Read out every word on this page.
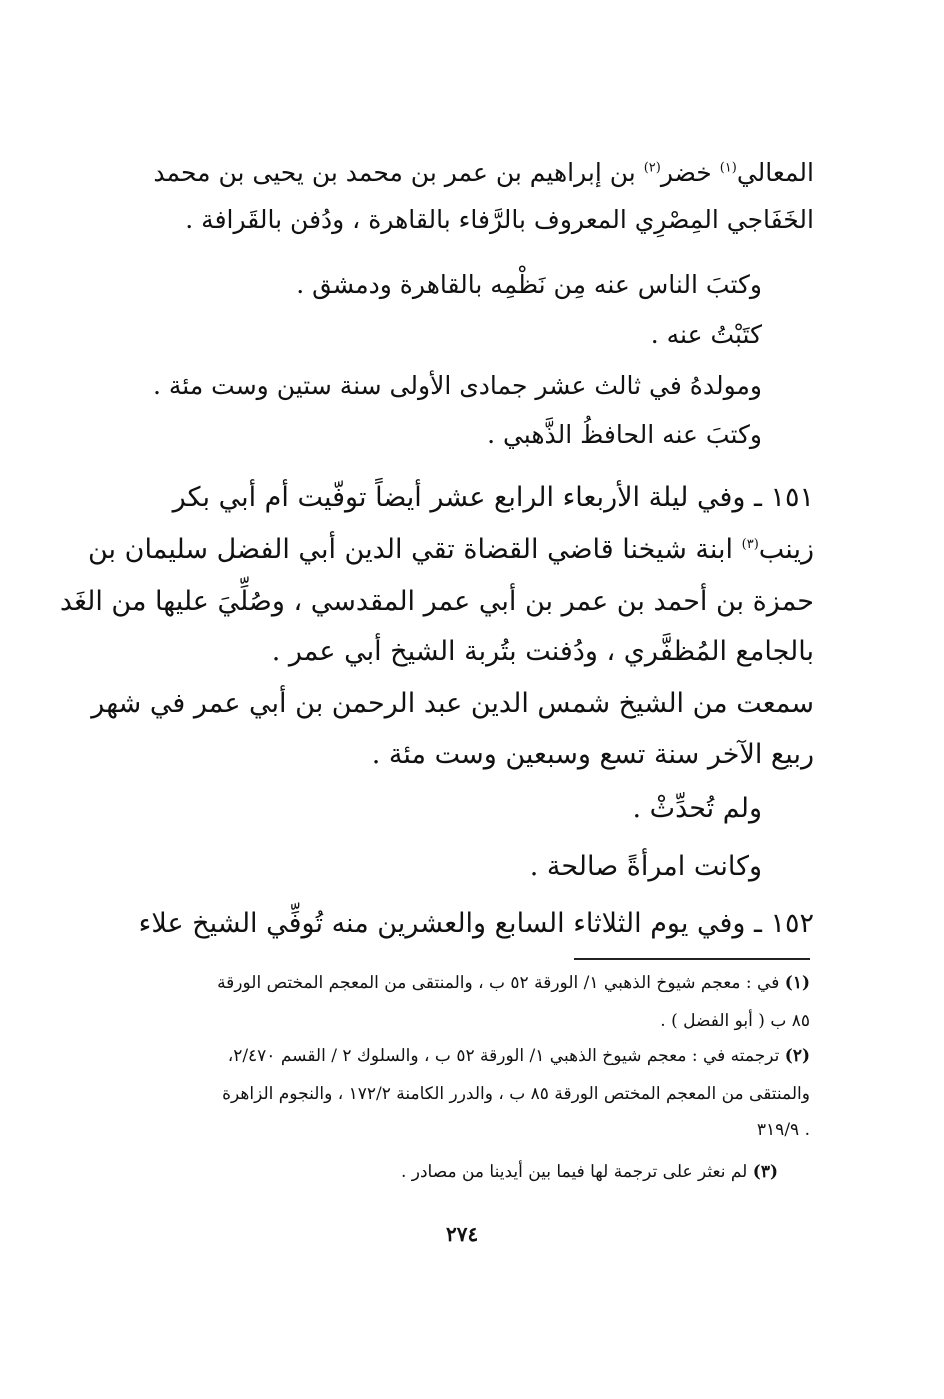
المعالي$^{(١)}$ خضر$^{(٢)}$ بن إبراهيم بن عمر بن محمد بن يحيى بن محمد

الخَفَاجي المِصْرِي المعروف بالرَّفاء بالقاهرة ، ودُفن بالقَرافة .

وكتبَ الناس عنه مِن نَظْمِه بالقاهرة ودمشق .

كتَبْتُ عنه .

ومولدهُ في ثالث عشر جمادى الأولى سنة ستين وست مئة .

وكتبَ عنه الحافظُ الذَّهبي .

١٥١ ـ وفي ليلة الأربعاء الرابع عشر أيضاً توفّيت أم أبي بكر

زينب$^{(٣)}$ ابنة شيخنا قاضي القضاة تقي الدين أبي الفضل سليمان بن

حمزة بن أحمد بن عمر بن أبي عمر المقدسي ، وصُلِّيَ عليها من الغَد

بالجامع المُظفَّري ، ودُفنت بتُربة الشيخ أبي عمر .

سمعت من الشيخ شمس الدين عبد الرحمن بن أبي عمر في شهر

ربيع الآخر سنة تسع وسبعين وست مئة .

ولم تُحدِّثْ .

وكانت امرأةً صالحة .

١٥٢ ـ وفي يوم الثلاثاء السابع والعشرين منه تُوفِّي الشيخ علاء

(١) في : معجم شيوخ الذهبي ١/ الورقة ٥٢ ب ، والمنتقى من المعجم المختص الورقة

٨٥ ب ( أبو الفضل ) .

(٢) ترجمته في : معجم شيوخ الذهبي ١/ الورقة ٥٢ ب ، والسلوك ٢ / القسم ٢/٤٧٠،

والمنتقى من المعجم المختص الورقة ٨٥ ب ، والدرر الكامنة ١٧٢/٢ ، والنجوم الزاهرة

٣١٩/٩ .

(٣) لم نعثر على ترجمة لها فيما بين أيدينا من مصادر .

٢٧٤
